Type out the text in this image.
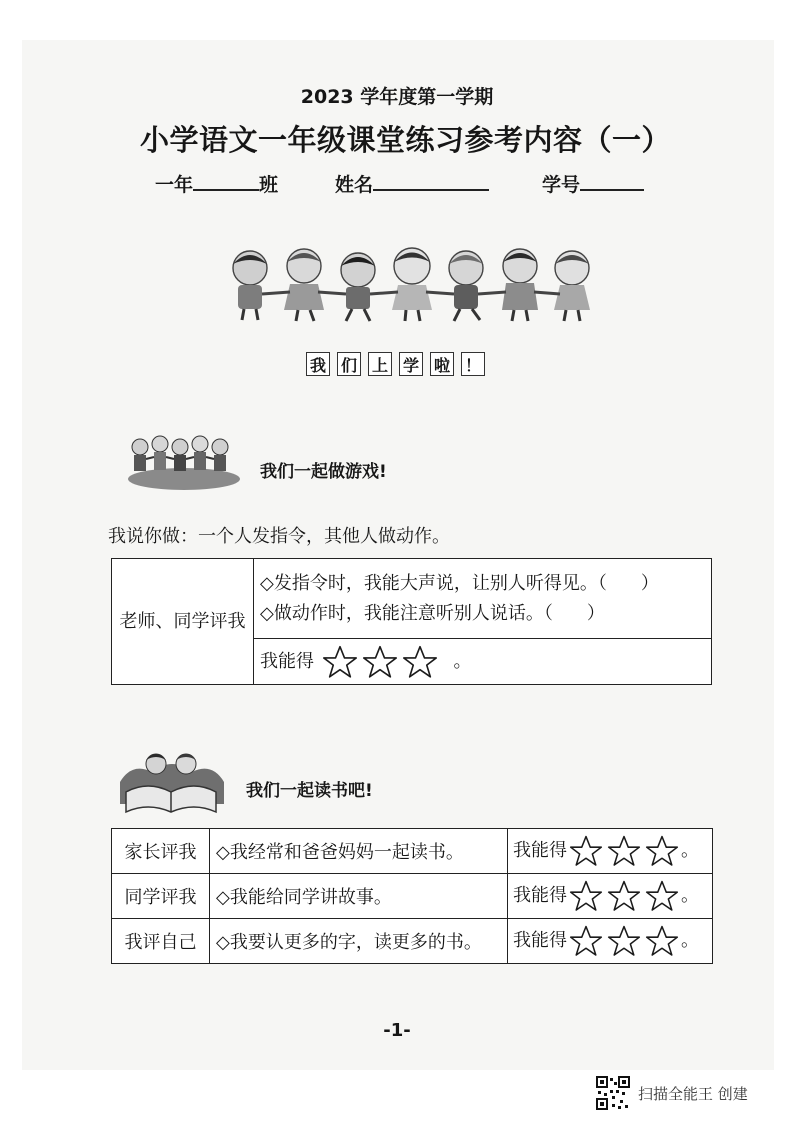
2023 学年度第一学期
小学语文一年级课堂练习参考内容（一）
一年	班	姓名	学号
我 们 上 学 啦 ！
我们一起做游戏!
我说你做：一个人发指令，其他人做动作。
老师、同学评我	
◇发指令时，我能大声说，让别人听得见。（ ）
◇做动作时，我能注意听别人说话。（ ）

我能得	。
我们一起读书吧!
家长评我	◇我经常和爸爸妈妈一起读书。	我能得 。
同学评我	◇我能给同学讲故事。	我能得 。
我评自己	◇我要认更多的字，读更多的书。	我能得 。
-1-
扫描全能王 创建
